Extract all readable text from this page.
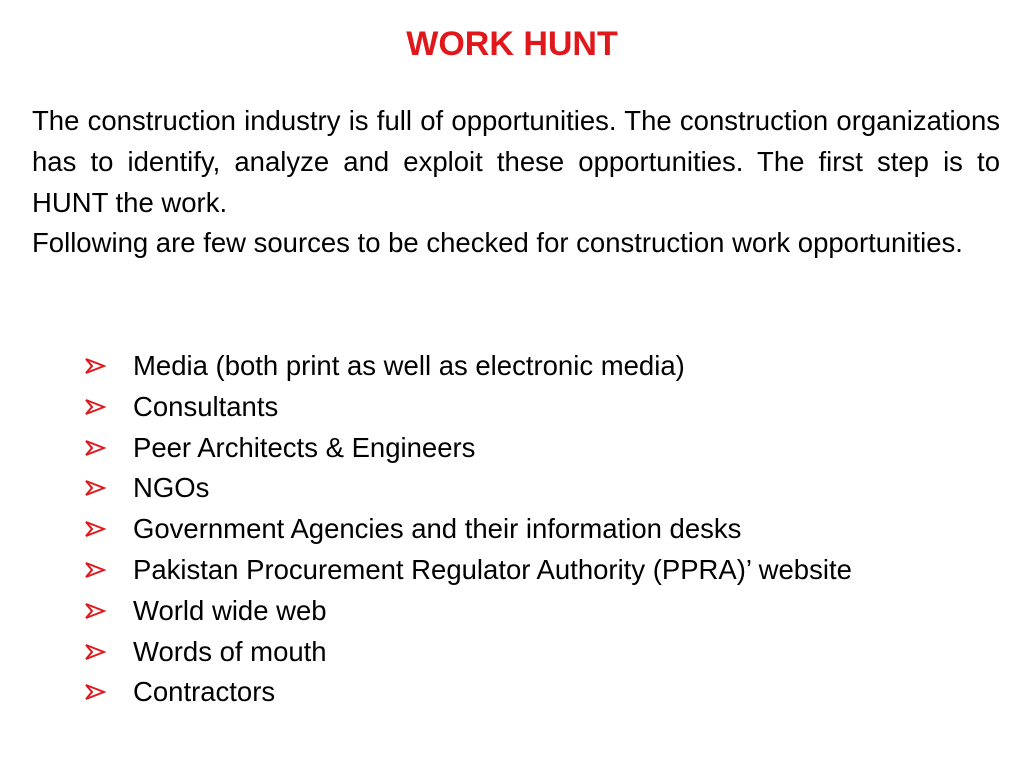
WORK HUNT

The construction industry is full of opportunities. The construction organizations has to identify, analyze and exploit these opportunities. The first step is to HUNT the work.

Following are few sources to be checked for construction work opportunities.

Media (both print as well as electronic media)
Consultants
Peer Architects & Engineers
NGOs
Government Agencies and their information desks
Pakistan Procurement Regulator Authority (PPRA)’ website
World wide web
Words of mouth
Contractors
